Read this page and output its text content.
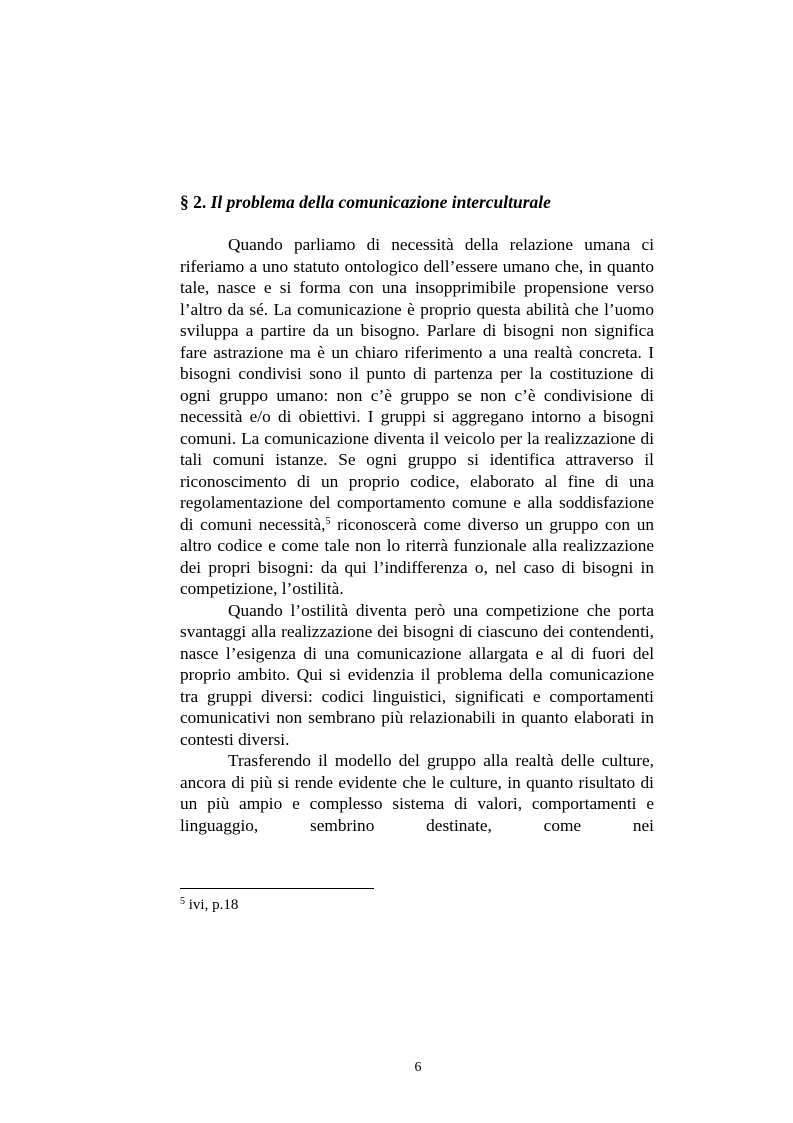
§ 2. Il problema della comunicazione interculturale

Quando parliamo di necessità della relazione umana ci riferiamo a uno statuto ontologico dell’essere umano che, in quanto tale, nasce e si forma con una insopprimibile propensione verso l’altro da sé. La comunicazione è proprio questa abilità che l’uomo sviluppa a partire da un bisogno. Parlare di bisogni non significa fare astrazione ma è un chiaro riferimento a una realtà concreta. I bisogni condivisi sono il punto di partenza per la costituzione di ogni gruppo umano: non c’è gruppo se non c’è condivisione di necessità e/o di obiettivi. I gruppi si aggregano intorno a bisogni comuni. La comunicazione diventa il veicolo per la realizzazione di tali comuni istanze. Se ogni gruppo si identifica attraverso il riconoscimento di un proprio codice, elaborato al fine di una regolamentazione del comportamento comune e alla soddisfazione di comuni necessità,$^5$ riconoscerà come diverso un gruppo con un altro codice e come tale non lo riterrà funzionale alla realizzazione dei propri bisogni: da qui l’indifferenza o, nel caso di bisogni in competizione, l’ostilità.

Quando l’ostilità diventa però una competizione che porta svantaggi alla realizzazione dei bisogni di ciascuno dei contendenti, nasce l’esigenza di una comunicazione allargata e al di fuori del proprio ambito. Qui si evidenzia il problema della comunicazione tra gruppi diversi: codici linguistici, significati e comportamenti comunicativi non sembrano più relazionabili in quanto elaborati in contesti diversi.

Trasferendo il modello del gruppo alla realtà delle culture, ancora di più si rende evidente che le culture, in quanto risultato di un più ampio e complesso sistema di valori, comportamenti e linguaggio, sembrino destinate, come nei

$^5$ ivi, p.18
6
